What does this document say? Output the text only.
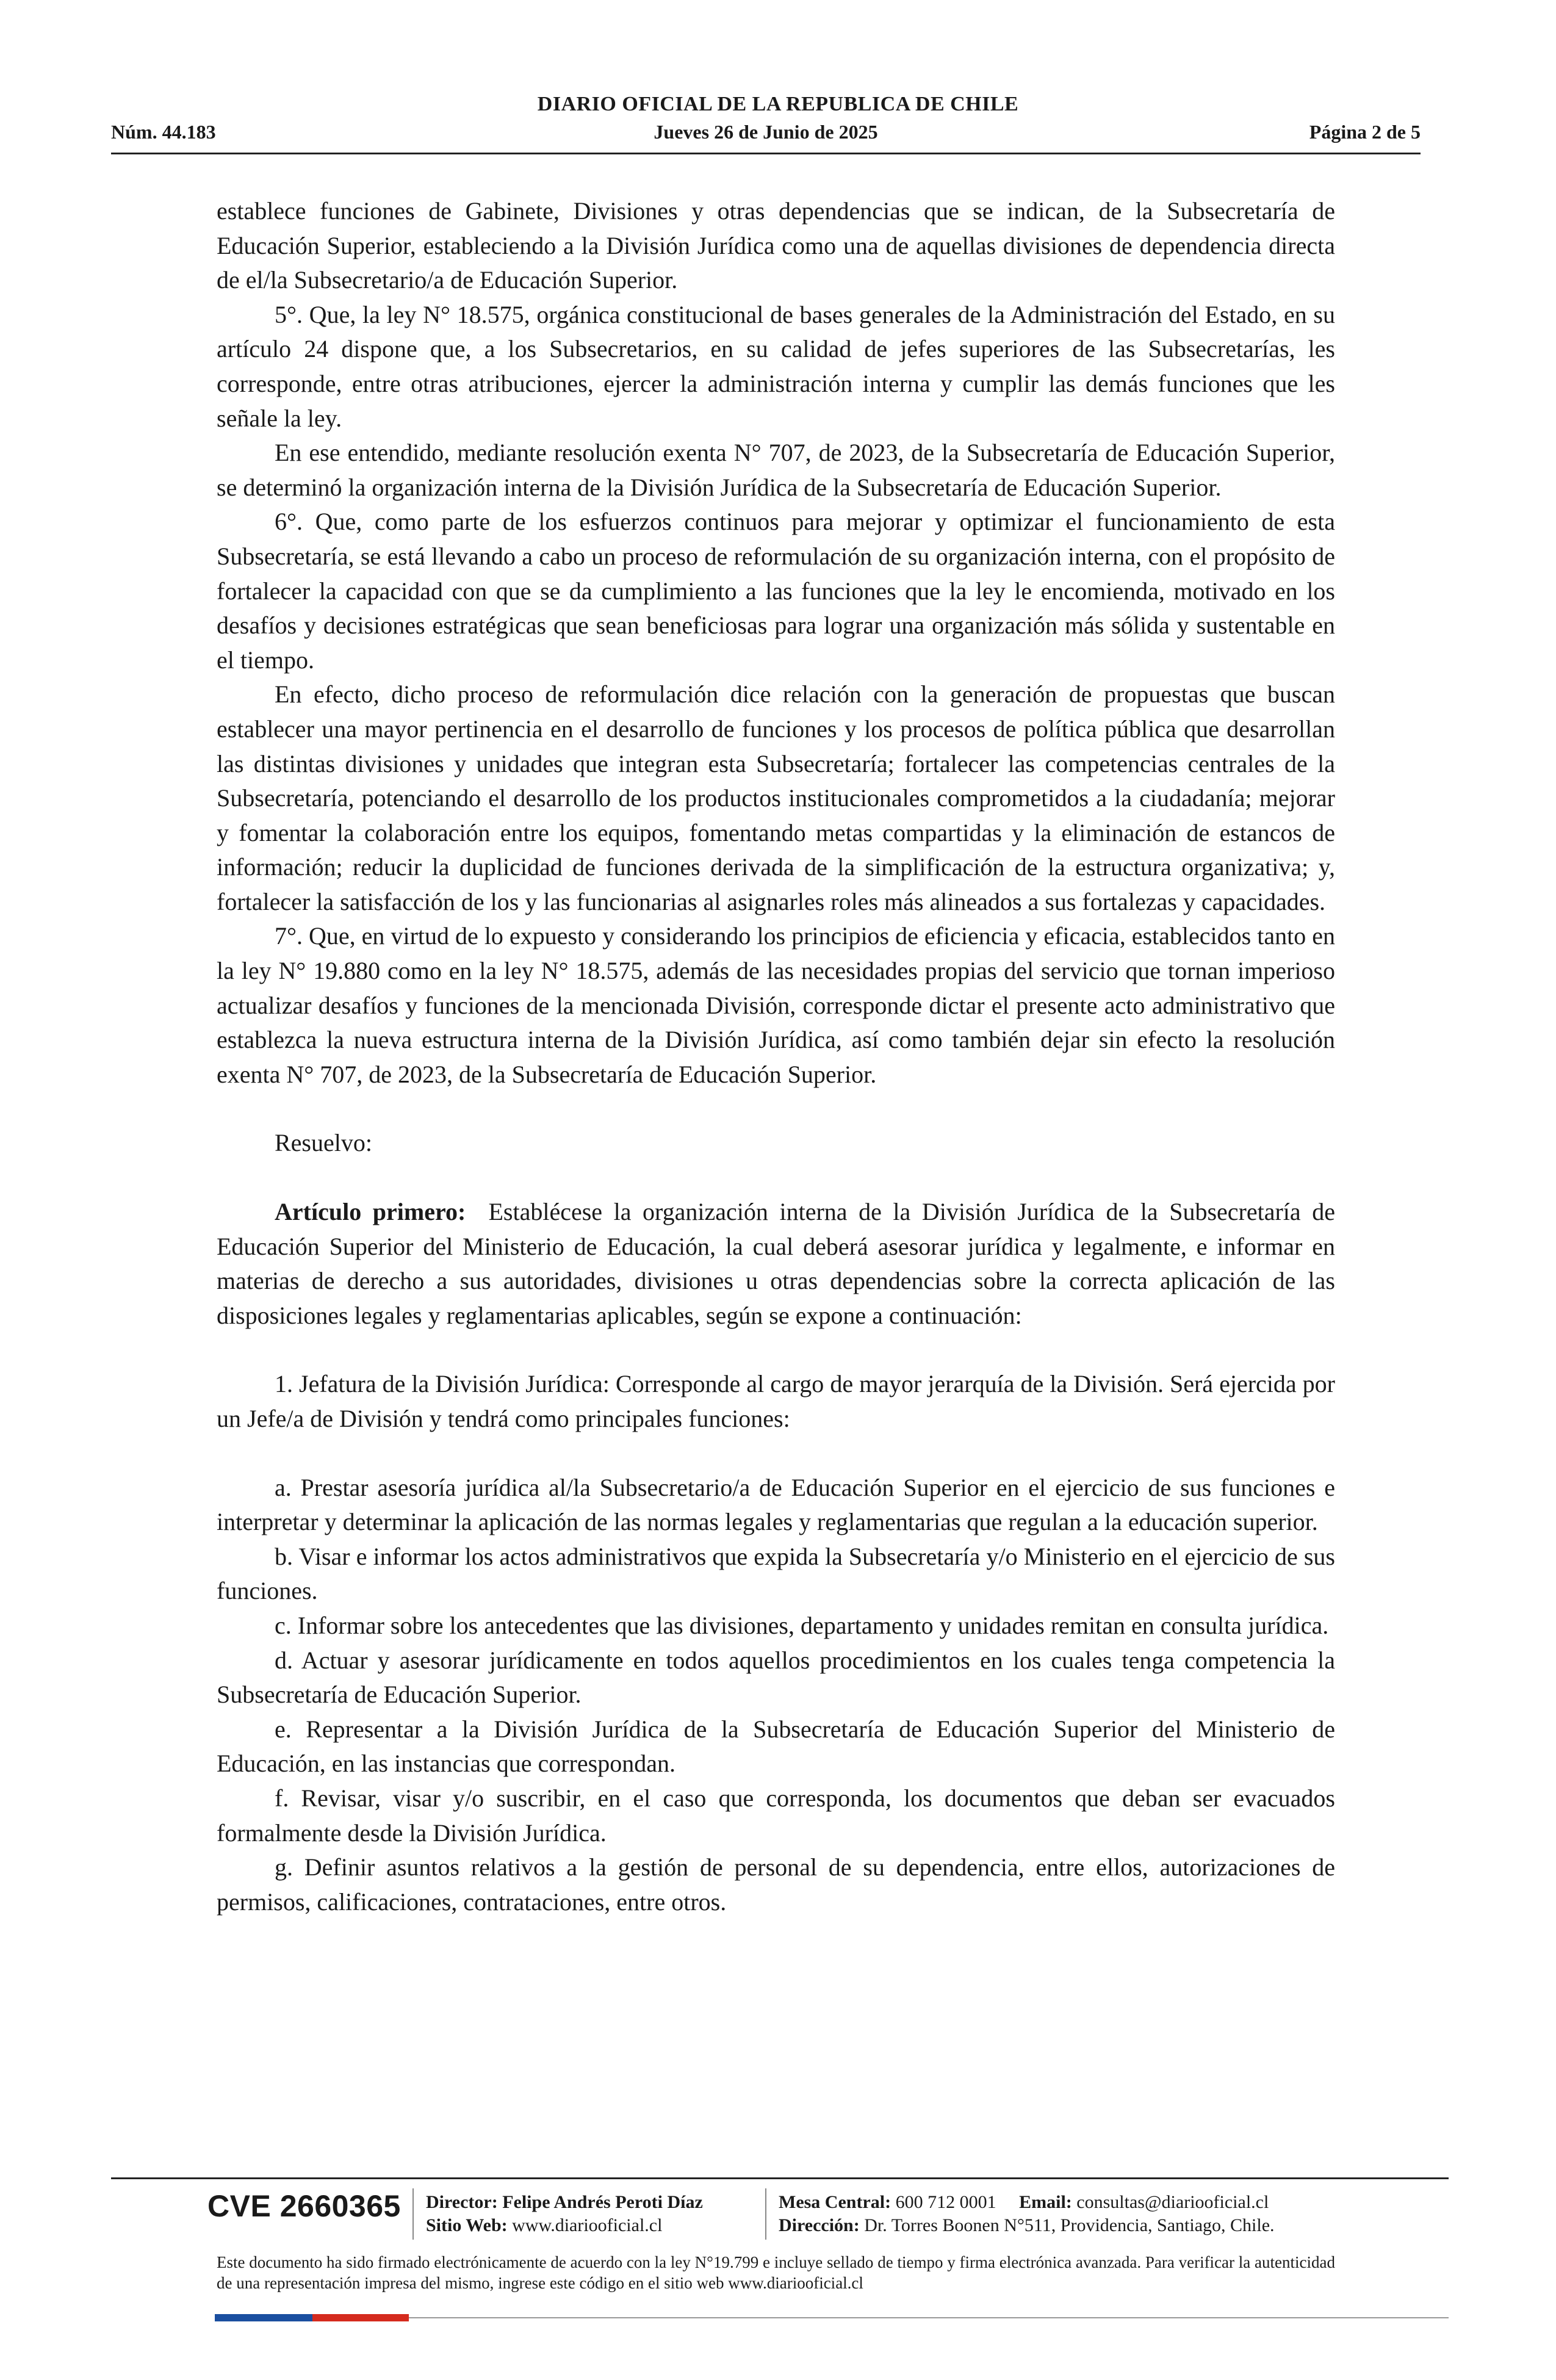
DIARIO OFICIAL DE LA REPUBLICA DE CHILE
Jueves 26 de Junio de 2025
Núm. 44.183	Página 2 de 5

establece funciones de Gabinete, Divisiones y otras dependencias que se indican, de la Subsecretaría de Educación Superior, estableciendo a la División Jurídica como una de aquellas divisiones de dependencia directa de el/la Subsecretario/a de Educación Superior.

5°. Que, la ley N° 18.575, orgánica constitucional de bases generales de la Administración del Estado, en su artículo 24 dispone que, a los Subsecretarios, en su calidad de jefes superiores de las Subsecretarías, les corresponde, entre otras atribuciones, ejercer la administración interna y cumplir las demás funciones que les señale la ley.

En ese entendido, mediante resolución exenta N° 707, de 2023, de la Subsecretaría de Educación Superior, se determinó la organización interna de la División Jurídica de la Subsecretaría de Educación Superior.

6°. Que, como parte de los esfuerzos continuos para mejorar y optimizar el funcionamiento de esta Subsecretaría, se está llevando a cabo un proceso de reformulación de su organización interna, con el propósito de fortalecer la capacidad con que se da cumplimiento a las funciones que la ley le encomienda, motivado en los desafíos y decisiones estratégicas que sean beneficiosas para lograr una organización más sólida y sustentable en el tiempo.

En efecto, dicho proceso de reformulación dice relación con la generación de propuestas que buscan establecer una mayor pertinencia en el desarrollo de funciones y los procesos de política pública que desarrollan las distintas divisiones y unidades que integran esta Subsecretaría; fortalecer las competencias centrales de la Subsecretaría, potenciando el desarrollo de los productos institucionales comprometidos a la ciudadanía; mejorar y fomentar la colaboración entre los equipos, fomentando metas compartidas y la eliminación de estancos de información; reducir la duplicidad de funciones derivada de la simplificación de la estructura organizativa; y, fortalecer la satisfacción de los y las funcionarias al asignarles roles más alineados a sus fortalezas y capacidades.

7°. Que, en virtud de lo expuesto y considerando los principios de eficiencia y eficacia, establecidos tanto en la ley N° 19.880 como en la ley N° 18.575, además de las necesidades propias del servicio que tornan imperioso actualizar desafíos y funciones de la mencionada División, corresponde dictar el presente acto administrativo que establezca la nueva estructura interna de la División Jurídica, así como también dejar sin efecto la resolución exenta N° 707, de 2023, de la Subsecretaría de Educación Superior.

Resuelvo:

Artículo primero: Establécese la organización interna de la División Jurídica de la Subsecretaría de Educación Superior del Ministerio de Educación, la cual deberá asesorar jurídica y legalmente, e informar en materias de derecho a sus autoridades, divisiones u otras dependencias sobre la correcta aplicación de las disposiciones legales y reglamentarias aplicables, según se expone a continuación:

1. Jefatura de la División Jurídica: Corresponde al cargo de mayor jerarquía de la División. Será ejercida por un Jefe/a de División y tendrá como principales funciones:

a. Prestar asesoría jurídica al/la Subsecretario/a de Educación Superior en el ejercicio de sus funciones e interpretar y determinar la aplicación de las normas legales y reglamentarias que regulan a la educación superior.

b. Visar e informar los actos administrativos que expida la Subsecretaría y/o Ministerio en el ejercicio de sus funciones.

c. Informar sobre los antecedentes que las divisiones, departamento y unidades remitan en consulta jurídica.

d. Actuar y asesorar jurídicamente en todos aquellos procedimientos en los cuales tenga competencia la Subsecretaría de Educación Superior.

e. Representar a la División Jurídica de la Subsecretaría de Educación Superior del Ministerio de Educación, en las instancias que correspondan.

f. Revisar, visar y/o suscribir, en el caso que corresponda, los documentos que deban ser evacuados formalmente desde la División Jurídica.

g. Definir asuntos relativos a la gestión de personal de su dependencia, entre ellos, autorizaciones de permisos, calificaciones, contrataciones, entre otros.

CVE 2660365 Director: Felipe Andrés Peroti Díaz
Sitio Web: www.diariooficial.cl
Mesa Central: 600 712 0001 Email: consultas@diariooficial.cl
Dirección: Dr. Torres Boonen N°511, Providencia, Santiago, Chile.
Este documento ha sido firmado electrónicamente de acuerdo con la ley N°19.799 e incluye sellado de tiempo y firma electrónica avanzada. Para verificar la autenticidad de una representación impresa del mismo, ingrese este código en el sitio web www.diariooficial.cl
